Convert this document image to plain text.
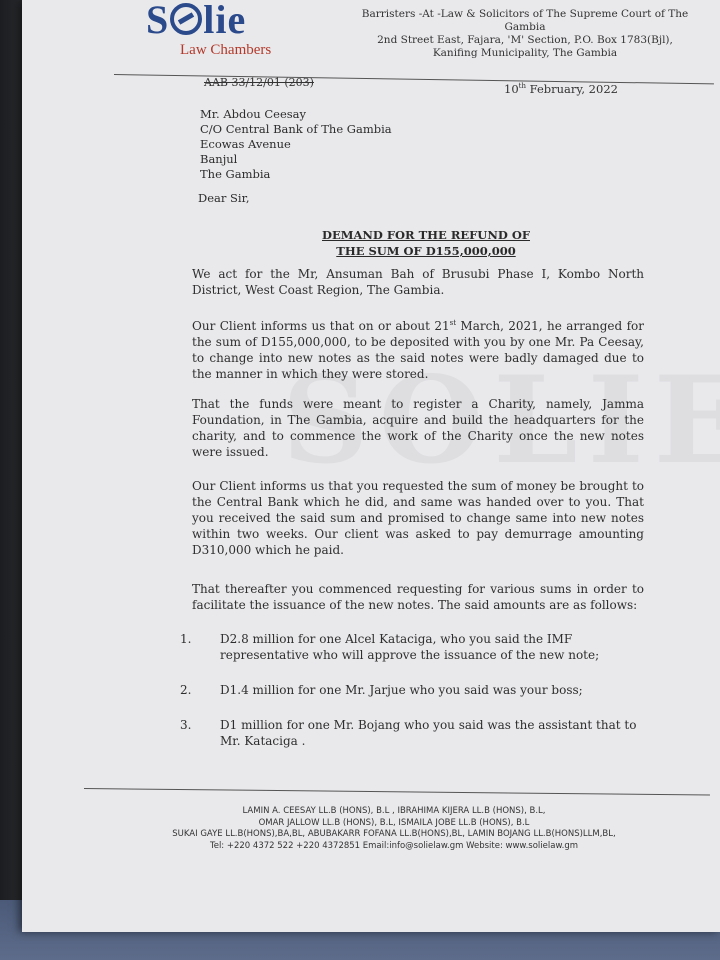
S lie
Law Chambers
Barristers -At -Law & Solicitors of The Supreme Court of The Gambia
2nd Street East, Fajara, 'M' Section, P.O. Box 1783(Bjl),
Kanifing Municipality, The Gambia
AAB 33/12/01 (203)	10th February, 2022
Mr. Abdou Ceesay
C/O Central Bank of The Gambia
Ecowas Avenue
Banjul
The Gambia
Dear Sir,
DEMAND FOR THE REFUND OF
THE SUM OF D155,000,000
We act for the Mr, Ansuman Bah of Brusubi Phase I, Kombo North District, West Coast Region, The Gambia.
Our Client informs us that on or about 21st March, 2021, he arranged for the sum of D155,000,000, to be deposited with you by one Mr. Pa Ceesay, to change into new notes as the said notes were badly damaged due to the manner in which they were stored.
That the funds were meant to register a Charity, namely, Jamma Foundation, in The Gambia, acquire and build the headquarters for the charity, and to commence the work of the Charity once the new notes were issued.
Our Client informs us that you requested the sum of money be brought to the Central Bank which he did, and same was handed over to you. That you received the said sum and promised to change same into new notes within two weeks. Our client was asked to pay demurrage amounting D310,000 which he paid.
That thereafter you commenced requesting for various sums in order to facilitate the issuance of the new notes. The said amounts are as follows:
1. D2.8 million for one Alcel Kataciga, who you said the IMF representative who will approve the issuance of the new note;
2. D1.4 million for one Mr. Jarjue who you said was your boss;
3. D1 million for one Mr. Bojang who you said was the assistant that to Mr. Kataciga .
LAMIN A. CEESAY LL.B (HONS), B.L , IBRAHIMA KIJERA LL.B (HONS), B.L,
OMAR JALLOW LL.B (HONS), B.L, ISMAILA JOBE LL.B (HONS), B.L
SUKAI GAYE LL.B(HONS),BA,BL, ABUBAKARR FOFANA LL.B(HONS),BL, LAMIN BOJANG LL.B(HONS)LLM,BL,
Tel: +220 4372 522 +220 4372851 Email:info@solielaw.gm Website: www.solielaw.gm
